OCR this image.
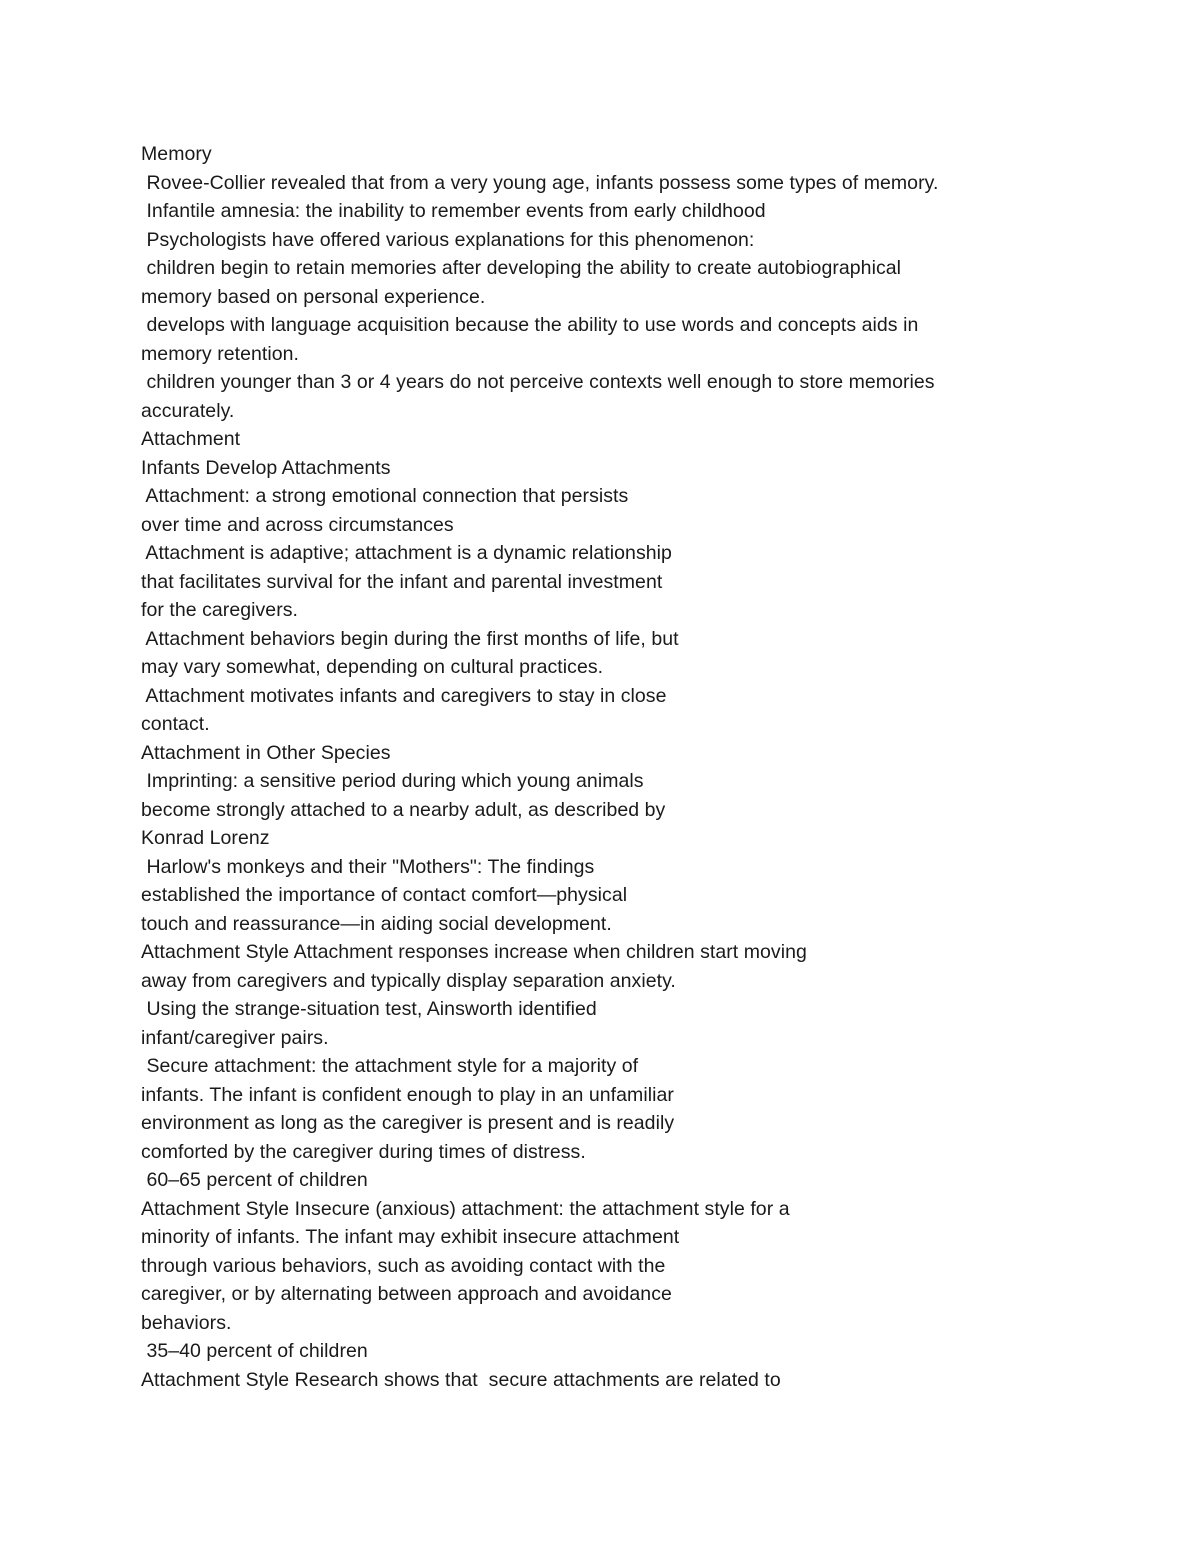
Memory
Rovee-Collier revealed that from a very young age, infants possess some types of memory.
Infantile amnesia: the inability to remember events from early childhood
Psychologists have offered various explanations for this phenomenon:
children begin to retain memories after developing the ability to create autobiographical
memory based on personal experience.
develops with language acquisition because the ability to use words and concepts aids in
memory retention.
children younger than 3 or 4 years do not perceive contexts well enough to store memories
accurately.
Attachment
Infants Develop Attachments
Attachment: a strong emotional connection that persists
over time and across circumstances
Attachment is adaptive; attachment is a dynamic relationship
that facilitates survival for the infant and parental investment
for the caregivers.
Attachment behaviors begin during the first months of life, but
may vary somewhat, depending on cultural practices.
Attachment motivates infants and caregivers to stay in close
contact.
Attachment in Other Species
Imprinting: a sensitive period during which young animals
become strongly attached to a nearby adult, as described by
Konrad Lorenz
Harlow's monkeys and their "Mothers": The findings
established the importance of contact comfort—physical
touch and reassurance—in aiding social development.
Attachment Style Attachment responses increase when children start moving
away from caregivers and typically display separation anxiety.
Using the strange-situation test, Ainsworth identified
infant/caregiver pairs.
Secure attachment: the attachment style for a majority of
infants. The infant is confident enough to play in an unfamiliar
environment as long as the caregiver is present and is readily
comforted by the caregiver during times of distress.
60–65 percent of children
Attachment Style Insecure (anxious) attachment: the attachment style for a
minority of infants. The infant may exhibit insecure attachment
through various behaviors, such as avoiding contact with the
caregiver, or by alternating between approach and avoidance
behaviors.
35–40 percent of children
Attachment Style Research shows that  secure attachments are related to
